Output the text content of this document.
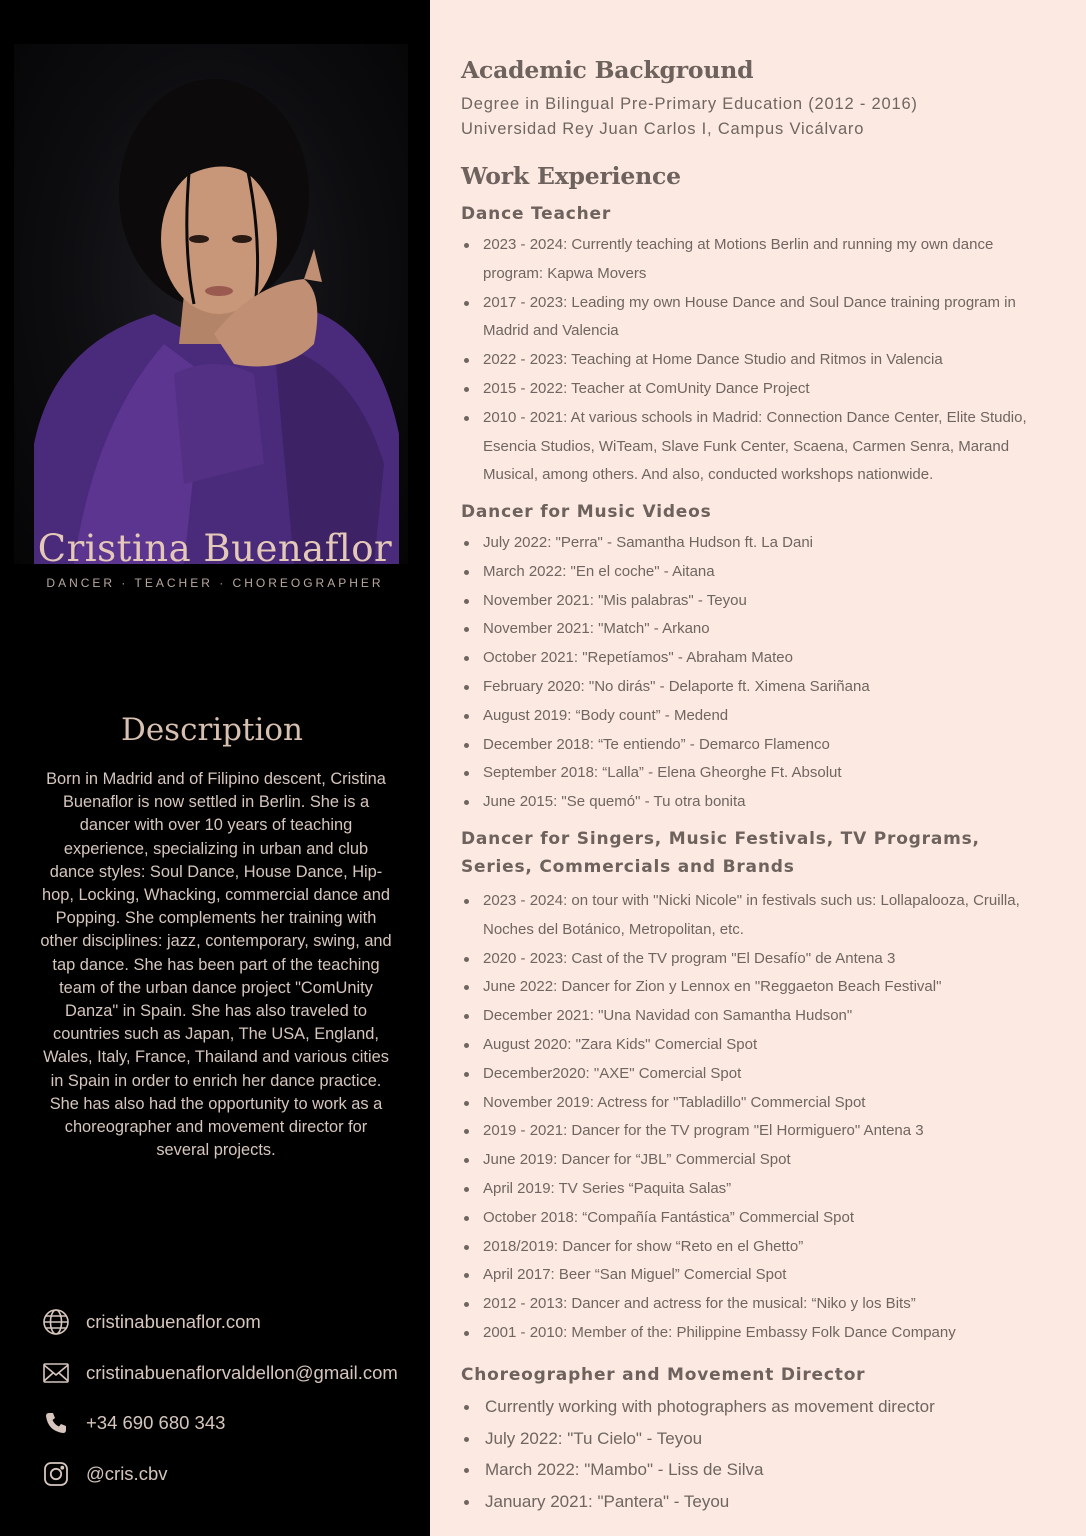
Cristina Buenaflor
DANCER · TEACHER · CHOREOGRAPHER
Description
Born in Madrid and of Filipino descent, Cristina Buenaflor is now settled in Berlin. She is a dancer with over 10 years of teaching experience, specializing in urban and club dance styles: Soul Dance, House Dance, Hip-hop, Locking, Whacking, commercial dance and Popping. She complements her training with other disciplines: jazz, contemporary, swing, and tap dance. She has been part of the teaching team of the urban dance project "ComUnity Danza" in Spain. She has also traveled to countries such as Japan, The USA, England, Wales, Italy, France, Thailand and various cities in Spain in order to enrich her dance practice. She has also had the opportunity to work as a choreographer and movement director for several projects.
cristinabuenaflor.com
cristinabuenaflorvaldellon@gmail.com
+34 690 680 343
@cris.cbv
Academic Background
Degree in Bilingual Pre-Primary Education (2012 - 2016)
Universidad Rey Juan Carlos I, Campus Vicálvaro
Work Experience
Dance Teacher
2023 - 2024: Currently teaching at Motions Berlin and running my own dance program: Kapwa Movers
2017 - 2023: Leading my own House Dance and Soul Dance training program in Madrid and Valencia
2022 - 2023: Teaching at Home Dance Studio and Ritmos in Valencia
2015 - 2022: Teacher at ComUnity Dance Project
2010 - 2021: At various schools in Madrid: Connection Dance Center, Elite Studio, Esencia Studios, WiTeam, Slave Funk Center, Scaena, Carmen Senra, Marand Musical, among others. And also, conducted workshops nationwide.
Dancer for Music Videos
July 2022: "Perra" - Samantha Hudson ft. La Dani
March 2022: "En el coche" - Aitana
November 2021: "Mis palabras" - Teyou
November 2021: "Match" - Arkano
October 2021: "Repetíamos" - Abraham Mateo
February 2020: "No dirás" - Delaporte ft. Ximena Sariñana
August 2019: “Body count” - Medend
December 2018: “Te entiendo” - Demarco Flamenco
September 2018: “Lalla” - Elena Gheorghe Ft. Absolut
June 2015: "Se quemó" - Tu otra bonita
Dancer for Singers, Music Festivals, TV Programs,
Series, Commercials and Brands
2023 - 2024: on tour with "Nicki Nicole" in festivals such us: Lollapalooza, Cruilla, Noches del Botánico, Metropolitan, etc.
2020 - 2023: Cast of the TV program "El Desafío" de Antena 3
June 2022: Dancer for Zion y Lennox en "Reggaeton Beach Festival"
December 2021: "Una Navidad con Samantha Hudson"
August 2020: "Zara Kids" Comercial Spot
December2020: "AXE" Comercial Spot
November 2019: Actress for "Tabladillo" Commercial Spot
2019 - 2021: Dancer for the TV program "El Hormiguero" Antena 3
June 2019: Dancer for “JBL” Commercial Spot
April 2019: TV Series “Paquita Salas”
October 2018: “Compañía Fantástica” Commercial Spot
2018/2019: Dancer for show “Reto en el Ghetto”
April 2017: Beer “San Miguel” Comercial Spot
2012 - 2013: Dancer and actress for the musical: “Niko y los Bits”
2001 - 2010: Member of the: Philippine Embassy Folk Dance Company
Choreographer and Movement Director
Currently working with photographers as movement director
July 2022: "Tu Cielo" - Teyou
March 2022: "Mambo" - Liss de Silva
January 2021: "Pantera" - Teyou
